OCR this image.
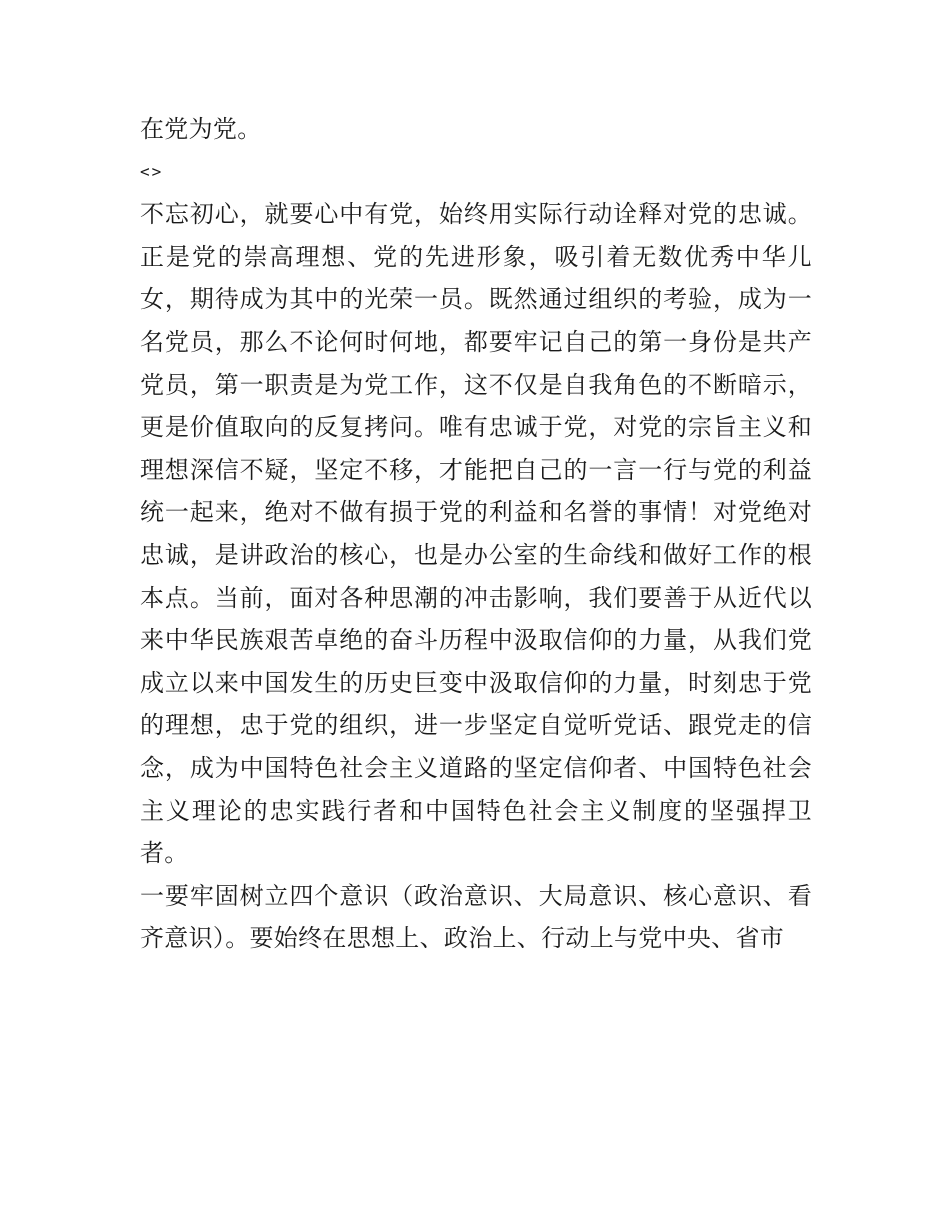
在党为党。

<>

不忘初心，就要心中有党，始终用实际行动诠释对党的忠诚。正是党的崇高理想、党的先进形象，吸引着无数优秀中华儿女，期待成为其中的光荣一员。既然通过组织的考验，成为一名党员，那么不论何时何地，都要牢记自己的第一身份是共产党员，第一职责是为党工作，这不仅是自我角色的不断暗示，更是价值取向的反复拷问。唯有忠诚于党，对党的宗旨主义和理想深信不疑，坚定不移，才能把自己的一言一行与党的利益统一起来，绝对不做有损于党的利益和名誉的事情！对党绝对忠诚，是讲政治的核心，也是办公室的生命线和做好工作的根本点。当前，面对各种思潮的冲击影响，我们要善于从近代以来中华民族艰苦卓绝的奋斗历程中汲取信仰的力量，从我们党成立以来中国发生的历史巨变中汲取信仰的力量，时刻忠于党的理想，忠于党的组织，进一步坚定自觉听党话、跟党走的信念，成为中国特色社会主义道路的坚定信仰者、中国特色社会主义理论的忠实践行者和中国特色社会主义制度的坚强捍卫者。

一要牢固树立四个意识（政治意识、大局意识、核心意识、看齐意识）。要始终在思想上、政治上、行动上与党中央、省市
